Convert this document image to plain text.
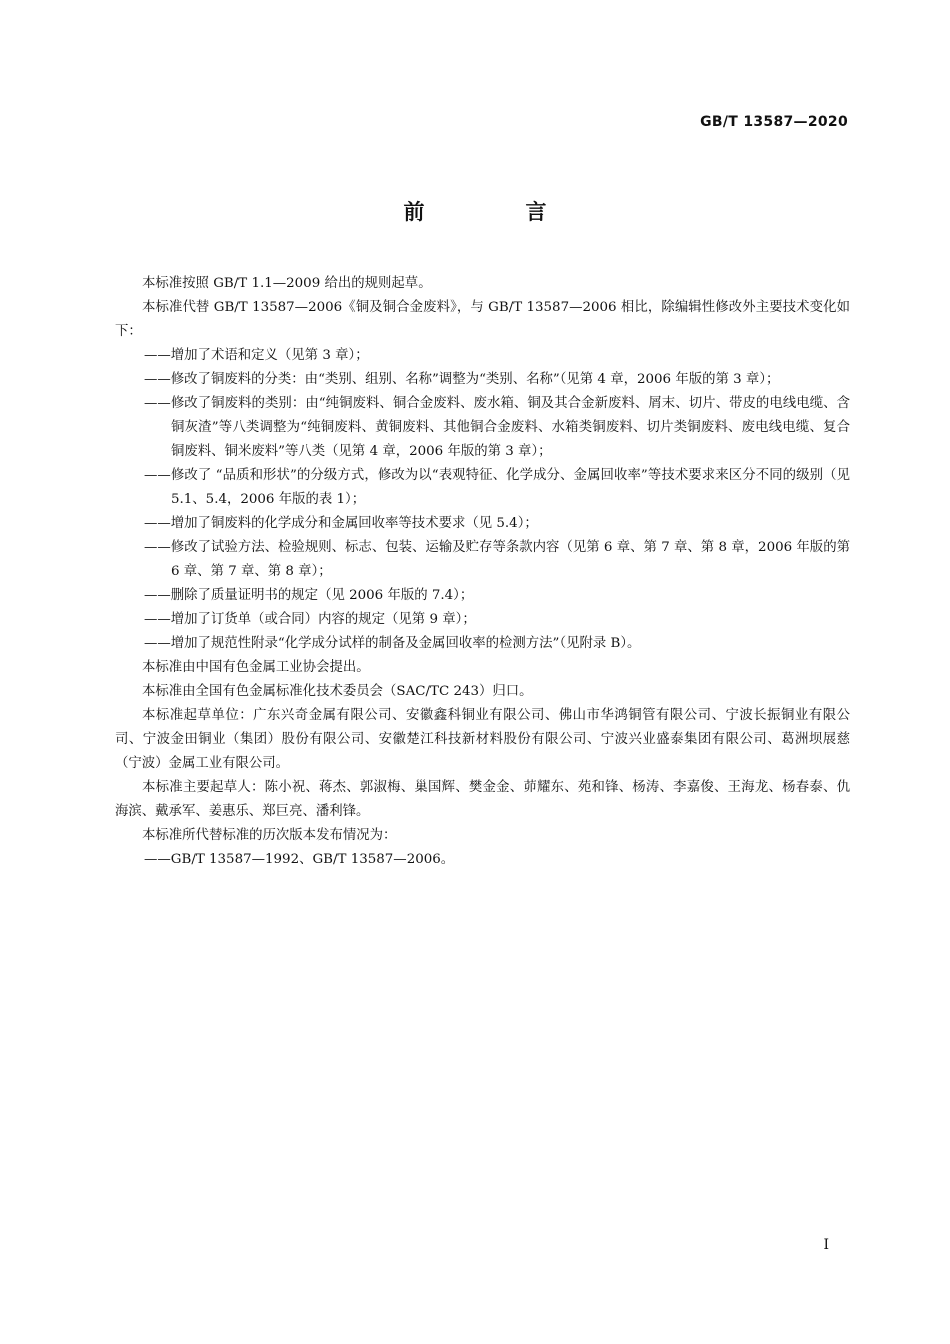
GB/T 13587—2020
前　言

本标准按照 GB/T 1.1—2009 给出的规则起草。

本标准代替 GB/T 13587—2006《铜及铜合金废料》，与 GB/T 13587—2006 相比，除编辑性修改外主要技术变化如下：

——增加了术语和定义（见第 3 章）；

——修改了铜废料的分类：由“类别、组别、名称”调整为“类别、名称”（见第 4 章，2006 年版的第 3 章）；

——修改了铜废料的类别：由“纯铜废料、铜合金废料、废水箱、铜及其合金新废料、屑末、切片、带皮的电线电缆、含铜灰渣”等八类调整为“纯铜废料、黄铜废料、其他铜合金废料、水箱类铜废料、切片类铜废料、废电线电缆、复合铜废料、铜米废料”等八类（见第 4 章，2006 年版的第 3 章）；

——修改了 “品质和形状”的分级方式，修改为以“表观特征、化学成分、金属回收率”等技术要求来区分不同的级别（见 5.1、5.4，2006 年版的表 1）；

——增加了铜废料的化学成分和金属回收率等技术要求（见 5.4）；

——修改了试验方法、检验规则、标志、包装、运输及贮存等条款内容（见第 6 章、第 7 章、第 8 章，2006 年版的第 6 章、第 7 章、第 8 章）；

——删除了质量证明书的规定（见 2006 年版的 7.4）；

——增加了订货单（或合同）内容的规定（见第 9 章）；

——增加了规范性附录“化学成分试样的制备及金属回收率的检测方法”（见附录 B）。

本标准由中国有色金属工业协会提出。

本标准由全国有色金属标准化技术委员会（SAC/TC 243）归口。

本标准起草单位：广东兴奇金属有限公司、安徽鑫科铜业有限公司、佛山市华鸿铜管有限公司、宁波长振铜业有限公司、宁波金田铜业（集团）股份有限公司、安徽楚江科技新材料股份有限公司、宁波兴业盛泰集团有限公司、葛洲坝展慈（宁波）金属工业有限公司。

本标准主要起草人：陈小祝、蒋杰、郭淑梅、巢国辉、樊金金、茆耀东、苑和锋、杨涛、李嘉俊、王海龙、杨春泰、仇海滨、戴承军、姜惠乐、郑巨亮、潘利锋。

本标准所代替标准的历次版本发布情况为：

——GB/T 13587—1992、GB/T 13587—2006。

I
